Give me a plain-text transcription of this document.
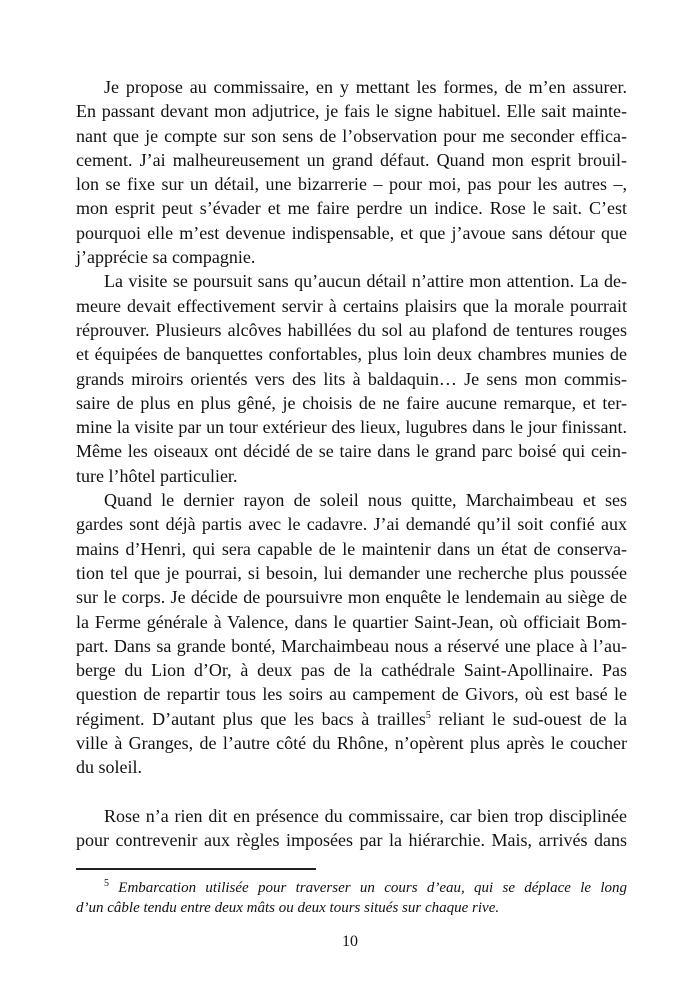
Je propose au commissaire, en y mettant les formes, de m’en assurer.
En passant devant mon adjutrice, je fais le signe habituel. Elle sait mainte-
nant que je compte sur son sens de l’observation pour me seconder effica-
cement. J’ai malheureusement un grand défaut. Quand mon esprit brouil-
lon se fixe sur un détail, une bizarrerie – pour moi, pas pour les autres –,
mon esprit peut s’évader et me faire perdre un indice. Rose le sait. C’est
pourquoi elle m’est devenue indispensable, et que j’avoue sans détour que
j’apprécie sa compagnie.
La visite se poursuit sans qu’aucun détail n’attire mon attention. La de-
meure devait effectivement servir à certains plaisirs que la morale pourrait
réprouver. Plusieurs alcôves habillées du sol au plafond de tentures rouges
et équipées de banquettes confortables, plus loin deux chambres munies de
grands miroirs orientés vers des lits à baldaquin… Je sens mon commis-
saire de plus en plus gêné, je choisis de ne faire aucune remarque, et ter-
mine la visite par un tour extérieur des lieux, lugubres dans le jour finissant.
Même les oiseaux ont décidé de se taire dans le grand parc boisé qui cein-
ture l’hôtel particulier.
Quand le dernier rayon de soleil nous quitte, Marchaimbeau et ses
gardes sont déjà partis avec le cadavre. J’ai demandé qu’il soit confié aux
mains d’Henri, qui sera capable de le maintenir dans un état de conserva-
tion tel que je pourrai, si besoin, lui demander une recherche plus poussée
sur le corps. Je décide de poursuivre mon enquête le lendemain au siège de
la Ferme générale à Valence, dans le quartier Saint-Jean, où officiait Bom-
part. Dans sa grande bonté, Marchaimbeau nous a réservé une place à l’au-
berge du Lion d’Or, à deux pas de la cathédrale Saint-Apollinaire. Pas
question de repartir tous les soirs au campement de Givors, où est basé le
régiment. D’autant plus que les bacs à trailles$^5$ reliant le sud-ouest de la
ville à Granges, de l’autre côté du Rhône, n’opèrent plus après le coucher
du soleil.
Rose n’a rien dit en présence du commissaire, car bien trop disciplinée
pour contrevenir aux règles imposées par la hiérarchie. Mais, arrivés dans
$^5$ Embarcation utilisée pour traverser un cours d’eau, qui se déplace le long
d’un câble tendu entre deux mâts ou deux tours situés sur chaque rive.
10
